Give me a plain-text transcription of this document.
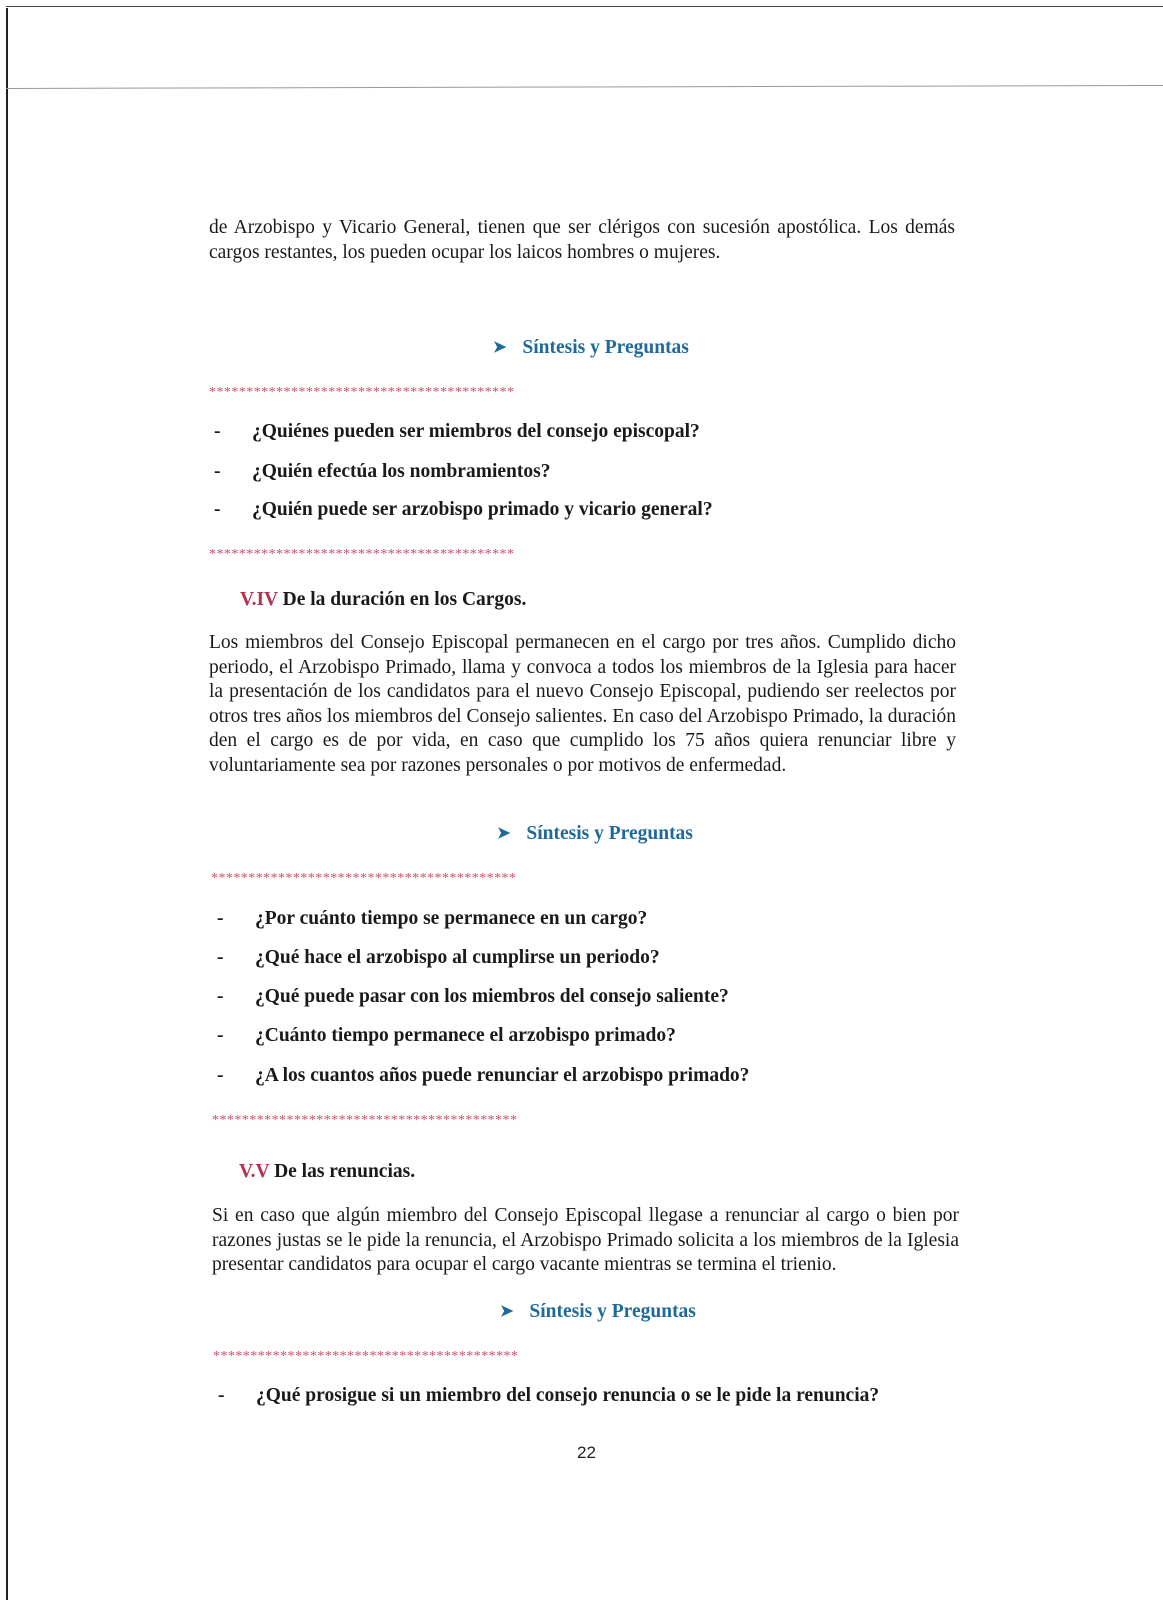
de Arzobispo y Vicario General, tienen que ser clérigos con sucesión apostólica. Los demás cargos restantes, los pueden ocupar los laicos hombres o mujeres.
➤ Síntesis y Preguntas
*****************************************
- ¿Quiénes pueden ser miembros del consejo episcopal?
- ¿Quién efectúa los nombramientos?
- ¿Quién puede ser arzobispo primado y vicario general?
*****************************************
V.IV De la duración en los Cargos.
Los miembros del Consejo Episcopal permanecen en el cargo por tres años. Cumplido dicho periodo, el Arzobispo Primado, llama y convoca a todos los miembros de la Iglesia para hacer la presentación de los candidatos para el nuevo Consejo Episcopal, pudiendo ser reelectos por otros tres años los miembros del Consejo salientes. En caso del Arzobispo Primado, la duración den el cargo es de por vida, en caso que cumplido los 75 años quiera renunciar libre y voluntariamente sea por razones personales o por motivos de enfermedad.
➤ Síntesis y Preguntas
*****************************************
- ¿Por cuánto tiempo se permanece en un cargo?
- ¿Qué hace el arzobispo al cumplirse un periodo?
- ¿Qué puede pasar con los miembros del consejo saliente?
- ¿Cuánto tiempo permanece el arzobispo primado?
- ¿A los cuantos años puede renunciar el arzobispo primado?
*****************************************
V.V De las renuncias.
Si en caso que algún miembro del Consejo Episcopal llegase a renunciar al cargo o bien por razones justas se le pide la renuncia, el Arzobispo Primado solicita a los miembros de la Iglesia presentar candidatos para ocupar el cargo vacante mientras se termina el trienio.
➤ Síntesis y Preguntas
*****************************************
- ¿Qué prosigue si un miembro del consejo renuncia o se le pide la renuncia?
22
